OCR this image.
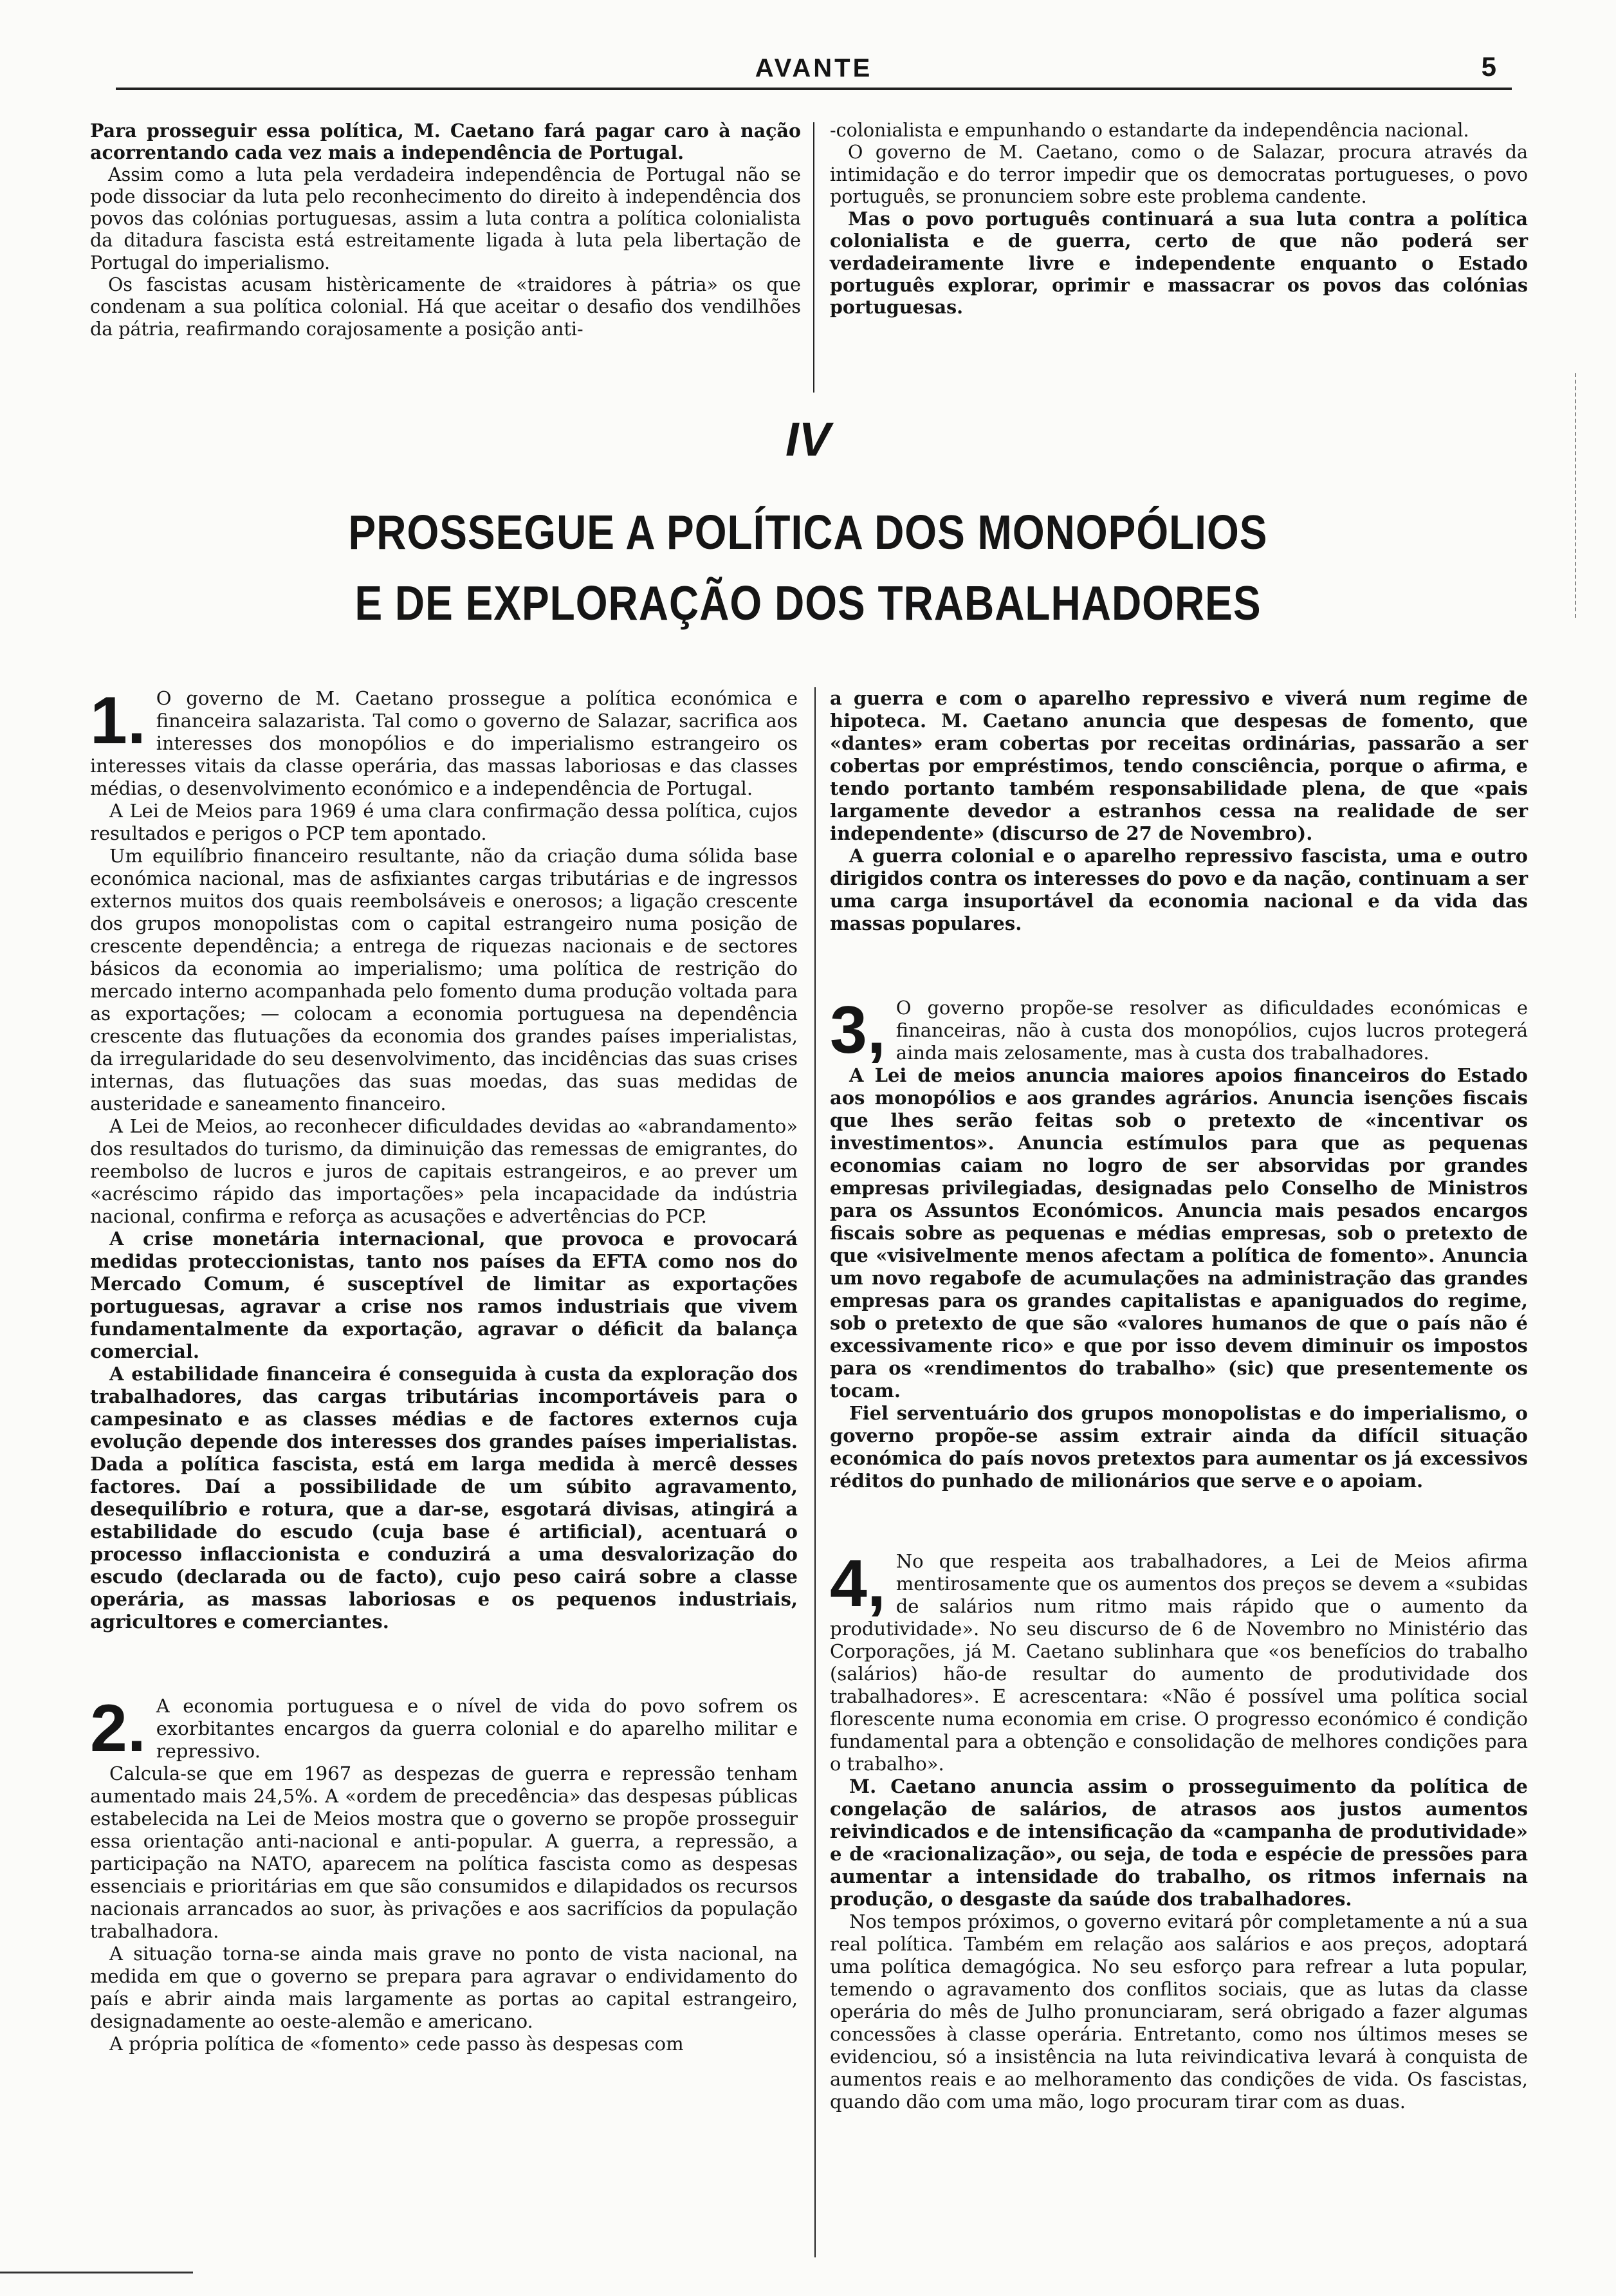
AVANTE	5

Para prosseguir essa política, M. Caetano fará pagar caro à nação acorrentando cada vez mais a independência de Portugal.

Assim como a luta pela verdadeira independência de Portugal não se pode dissociar da luta pelo reconhecimento do direito à independência dos povos das colónias portuguesas, assim a luta contra a política colonialista da ditadura fascista está estreitamente ligada à luta pela libertação de Portugal do imperialismo.

Os fascistas acusam histèricamente de «traidores à pátria» os que condenam a sua política colonial. Há que aceitar o desafio dos vendilhões da pátria, reafirmando corajosamente a posição anti-

-colonialista e empunhando o estandarte da independência nacional.

O governo de M. Caetano, como o de Salazar, procura através da intimidação e do terror impedir que os democratas portugueses, o povo português, se pronunciem sobre este problema candente.

Mas o povo português continuará a sua luta contra a política colonialista e de guerra, certo de que não poderá ser verdadeiramente livre e independente enquanto o Estado português explorar, oprimir e massacrar os povos das colónias portuguesas.

IV
PROSSEGUE A POLÍTICA DOS MONOPÓLIOS
E DE EXPLORAÇÃO DOS TRABALHADORES
1. O governo de M. Caetano prossegue a política económica e financeira salazarista. Tal como o governo de Salazar, sacrifica aos interesses dos monopólios e do imperialismo estrangeiro os interesses vitais da classe operária, das massas laboriosas e das classes médias, o desenvolvimento económico e a independência de Portugal.

A Lei de Meios para 1969 é uma clara confirmação dessa política, cujos resultados e perigos o PCP tem apontado.

Um equilíbrio financeiro resultante, não da criação duma sólida base económica nacional, mas de asfixiantes cargas tributárias e de ingressos externos muitos dos quais reembolsáveis e onerosos; a ligação crescente dos grupos monopolistas com o capital estrangeiro numa posição de crescente dependência; a entrega de riquezas nacionais e de sectores básicos da economia ao imperialismo; uma política de restrição do mercado interno acompanhada pelo fomento duma produção voltada para as exportações; — colocam a economia portuguesa na dependência crescente das flutuações da economia dos grandes países imperialistas, da irregularidade do seu desenvolvimento, das incidências das suas crises internas, das flutuações das suas moedas, das suas medidas de austeridade e saneamento financeiro.

A Lei de Meios, ao reconhecer dificuldades devidas ao «abrandamento» dos resultados do turismo, da diminuição das remessas de emigrantes, do reembolso de lucros e juros de capitais estrangeiros, e ao prever um «acréscimo rápido das importações» pela incapacidade da indústria nacional, confirma e reforça as acusações e advertências do PCP.

A crise monetária internacional, que provoca e provocará medidas proteccionistas, tanto nos países da EFTA como nos do Mercado Comum, é susceptível de limitar as exportações portuguesas, agravar a crise nos ramos industriais que vivem fundamentalmente da exportação, agravar o déficit da balança comercial.

A estabilidade financeira é conseguida à custa da exploração dos trabalhadores, das cargas tributárias incomportáveis para o campesinato e as classes médias e de factores externos cuja evolução depende dos interesses dos grandes países imperialistas. Dada a política fascista, está em larga medida à mercê desses factores. Daí a possibilidade de um súbito agravamento, desequilíbrio e rotura, que a dar-se, esgotará divisas, atingirá a estabilidade do escudo (cuja base é artificial), acentuará o processo inflaccionista e conduzirá a uma desvalorização do escudo (declarada ou de facto), cujo peso cairá sobre a classe operária, as massas laboriosas e os pequenos industriais, agricultores e comerciantes.

2. A economia portuguesa e o nível de vida do povo sofrem os exorbitantes encargos da guerra colonial e do aparelho militar e repressivo.

Calcula-se que em 1967 as despezas de guerra e repressão tenham aumentado mais 24,5%. A «ordem de precedência» das despesas públicas estabelecida na Lei de Meios mostra que o governo se propõe prosseguir essa orientação anti-nacional e anti-popular. A guerra, a repressão, a participação na NATO, aparecem na política fascista como as despesas essenciais e prioritárias em que são consumidos e dilapidados os recursos nacionais arrancados ao suor, às privações e aos sacrifícios da população trabalhadora.

A situação torna-se ainda mais grave no ponto de vista nacional, na medida em que o governo se prepara para agravar o endividamento do país e abrir ainda mais largamente as portas ao capital estrangeiro, designadamente ao oeste-alemão e americano.

A própria política de «fomento» cede passo às despesas com

a guerra e com o aparelho repressivo e viverá num regime de hipoteca. M. Caetano anuncia que despesas de fomento, que «dantes» eram cobertas por receitas ordinárias, passarão a ser cobertas por empréstimos, tendo consciência, porque o afirma, e tendo portanto também responsabilidade plena, de que «pais largamente devedor a estranhos cessa na realidade de ser independente» (discurso de 27 de Novembro).

A guerra colonial e o aparelho repressivo fascista, uma e outro dirigidos contra os interesses do povo e da nação, continuam a ser uma carga insuportável da economia nacional e da vida das massas populares.

3, O governo propõe-se resolver as dificuldades económicas e financeiras, não à custa dos monopólios, cujos lucros protegerá ainda mais zelosamente, mas à custa dos trabalhadores.

A Lei de meios anuncia maiores apoios financeiros do Estado aos monopólios e aos grandes agrários. Anuncia isenções fiscais que lhes serão feitas sob o pretexto de «incentivar os investimentos». Anuncia estímulos para que as pequenas economias caiam no logro de ser absorvidas por grandes empresas privilegiadas, designadas pelo Conselho de Ministros para os Assuntos Económicos. Anuncia mais pesados encargos fiscais sobre as pequenas e médias empresas, sob o pretexto de que «visivelmente menos afectam a política de fomento». Anuncia um novo regabofe de acumulações na administração das grandes empresas para os grandes capitalistas e apaniguados do regime, sob o pretexto de que são «valores humanos de que o país não é excessivamente rico» e que por isso devem diminuir os impostos para os «rendimentos do trabalho» (sic) que presentemente os tocam.

Fiel serventuário dos grupos monopolistas e do imperialismo, o governo propõe-se assim extrair ainda da difícil situação económica do país novos pretextos para aumentar os já excessivos réditos do punhado de milionários que serve e o apoiam.

4, No que respeita aos trabalhadores, a Lei de Meios afirma mentirosamente que os aumentos dos preços se devem a «subidas de salários num ritmo mais rápido que o aumento da produtividade». No seu discurso de 6 de Novembro no Ministério das Corporações, já M. Caetano sublinhara que «os benefícios do trabalho (salários) hão-de resultar do aumento de produtividade dos trabalhadores». E acrescentara: «Não é possível uma política social florescente numa economia em crise. O progresso económico é condição fundamental para a obtenção e consolidação de melhores condições para o trabalho».

M. Caetano anuncia assim o prosseguimento da política de congelação de salários, de atrasos aos justos aumentos reivindicados e de intensificação da «campanha de produtividade» e de «racionalização», ou seja, de toda e espécie de pressões para aumentar a intensidade do trabalho, os ritmos infernais na produção, o desgaste da saúde dos trabalhadores.

Nos tempos próximos, o governo evitará pôr completamente a nú a sua real política. Também em relação aos salários e aos preços, adoptará uma política demagógica. No seu esforço para refrear a luta popular, temendo o agravamento dos conflitos sociais, que as lutas da classe operária do mês de Julho pronunciaram, será obrigado a fazer algumas concessões à classe operária. Entretanto, como nos últimos meses se evidenciou, só a insistência na luta reivindicativa levará à conquista de aumentos reais e ao melhoramento das condições de vida. Os fascistas, quando dão com uma mão, logo procuram tirar com as duas.
